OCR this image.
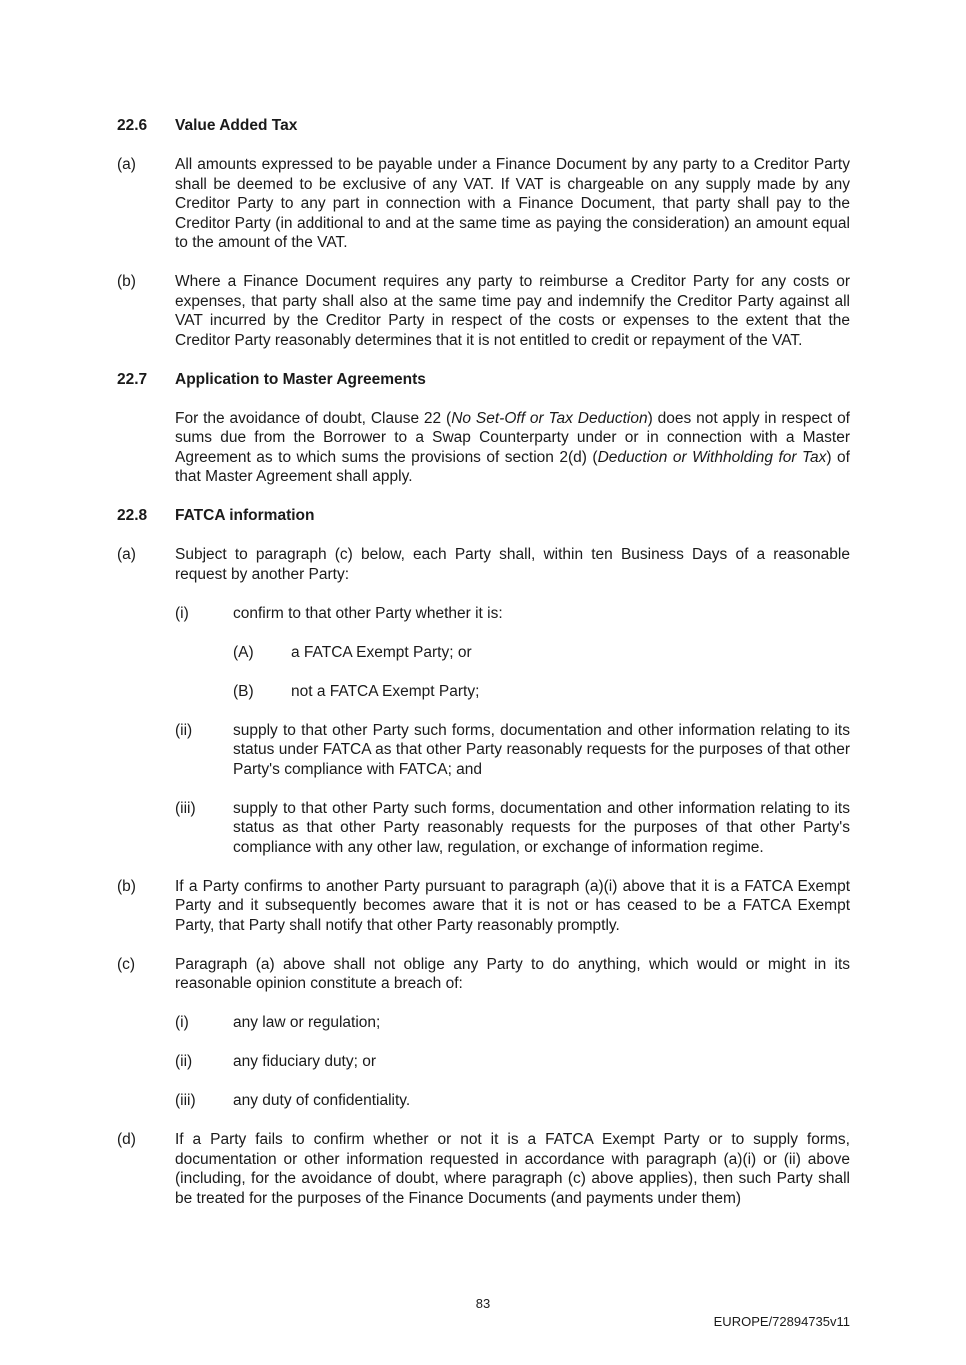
22.6	Value Added Tax
(a)	All amounts expressed to be payable under a Finance Document by any party to a Creditor Party shall be deemed to be exclusive of any VAT. If VAT is chargeable on any supply made by any Creditor Party to any part in connection with a Finance Document, that party shall pay to the Creditor Party (in additional to and at the same time as paying the consideration) an amount equal to the amount of the VAT.
(b)	Where a Finance Document requires any party to reimburse a Creditor Party for any costs or expenses, that party shall also at the same time pay and indemnify the Creditor Party against all VAT incurred by the Creditor Party in respect of the costs or expenses to the extent that the Creditor Party reasonably determines that it is not entitled to credit or repayment of the VAT.
22.7	Application to Master Agreements
For the avoidance of doubt, Clause 22 (No Set-Off or Tax Deduction) does not apply in respect of sums due from the Borrower to a Swap Counterparty under or in connection with a Master Agreement as to which sums the provisions of section 2(d) (Deduction or Withholding for Tax) of that Master Agreement shall apply.
22.8	FATCA information
(a)	Subject to paragraph (c) below, each Party shall, within ten Business Days of a reasonable request by another Party:
(i)	confirm to that other Party whether it is:
(A)	a FATCA Exempt Party; or
(B)	not a FATCA Exempt Party;
(ii)	supply to that other Party such forms, documentation and other information relating to its status under FATCA as that other Party reasonably requests for the purposes of that other Party's compliance with FATCA; and
(iii)	supply to that other Party such forms, documentation and other information relating to its status as that other Party reasonably requests for the purposes of that other Party's compliance with any other law, regulation, or exchange of information regime.
(b)	If a Party confirms to another Party pursuant to paragraph (a)(i) above that it is a FATCA Exempt Party and it subsequently becomes aware that it is not or has ceased to be a FATCA Exempt Party, that Party shall notify that other Party reasonably promptly.
(c)	Paragraph (a) above shall not oblige any Party to do anything, which would or might in its reasonable opinion constitute a breach of:
(i)	any law or regulation;
(ii)	any fiduciary duty; or
(iii)	any duty of confidentiality.
(d)	If a Party fails to confirm whether or not it is a FATCA Exempt Party or to supply forms, documentation or other information requested in accordance with paragraph (a)(i) or (ii) above (including, for the avoidance of doubt, where paragraph (c) above applies), then such Party shall be treated for the purposes of the Finance Documents (and payments under them)
83
EUROPE/72894735v11
